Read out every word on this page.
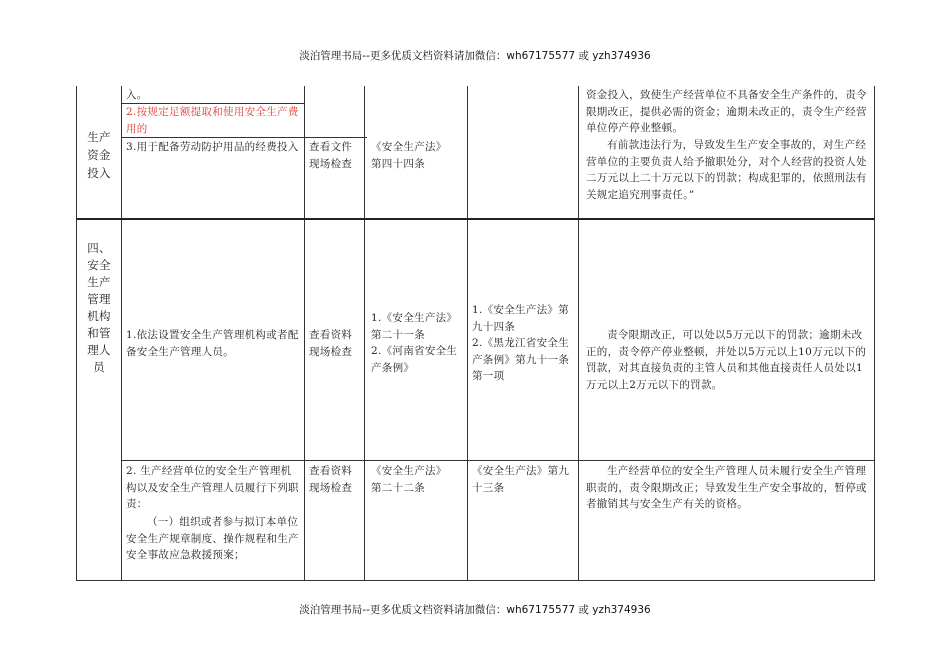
淡泊管理书局--更多优质文档资料请加微信：wh67175577 或 yzh374936
生产
资金
投入
入。
2.按规定足额提取和使用安全生产费用的
3.用于配备劳动防护用品的经费投入 查看文件
现场检查
《安全生产法》
第四十四条
资金投入，致使生产经营单位不具备安全生产条件的，责令限期改正，提供必需的资金；逾期未改正的，责令生产经营单位停产停业整顿。
有前款违法行为，导致发生生产安全事故的，对生产经营单位的主要负责人给予撤职处分，对个人经营的投资人处二万元以上二十万元以下的罚款；构成犯罪的，依照刑法有关规定追究刑事责任。”
四、
安全
生产
管理
机构
和管
理人
员
1.依法设置安全生产管理机构或者配备安全生产管理人员。
查看资料
现场检查
1.《安全生产法》第二十一条
2.《河南省安全生产条例》
1.《安全生产法》第九十四条
2.《黑龙江省安全生产条例》第九十一条第一项
责令限期改正，可以处以5万元以下的罚款；逾期未改正的，责令停产停业整顿，并处以5万元以上10万元以下的罚款，对其直接负责的主管人员和其他直接责任人员处以1万元以上2万元以下的罚款。
2. 生产经营单位的安全生产管理机构以及安全生产管理人员履行下列职责：
（一）组织或者参与拟订本单位安全生产规章制度、操作规程和生产安全事故应急救援预案；
查看资料
现场检查
《安全生产法》
第二十二条
《安全生产法》第九十三条
生产经营单位的安全生产管理人员未履行安全生产管理职责的，责令限期改正；导致发生生产安全事故的，暂停或者撤销其与安全生产有关的资格。
淡泊管理书局--更多优质文档资料请加微信：wh67175577 或 yzh374936
